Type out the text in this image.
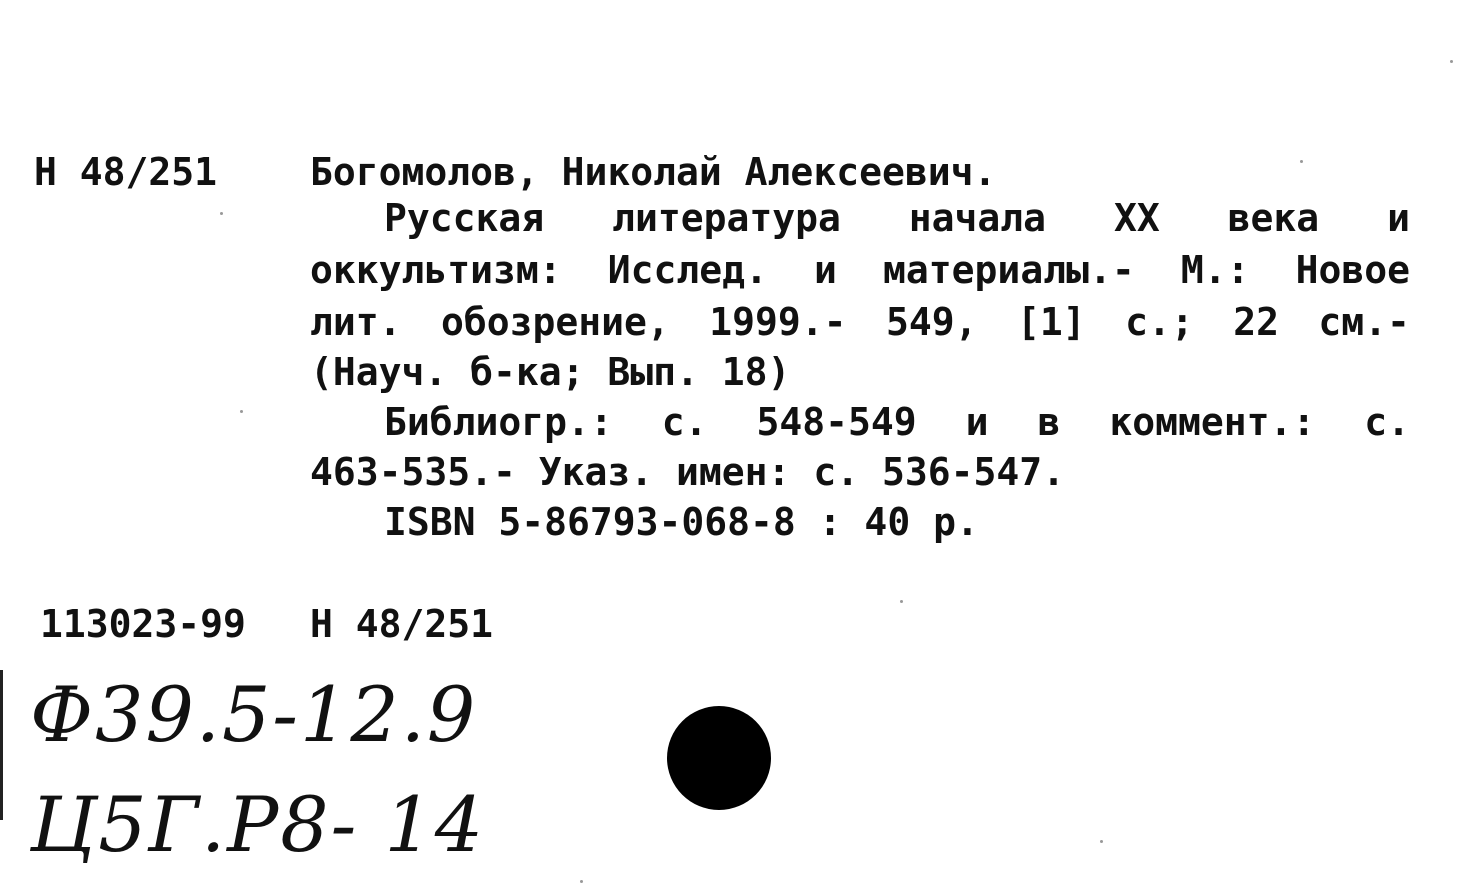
Н 48/251 Богомолов, Николай Алексеевич.
Русская литература начала XX века и
оккультизм: Исслед. и материалы.- М.: Новое
лит. обозрение, 1999.- 549, [1] с.; 22 см.-
(Науч. б-ка; Вып. 18)
Библиогр.: с. 548-549 и в коммент.: с.
463-535.- Указ. имен: с. 536-547.
ISBN 5-86793-068-8 : 40 р.
113023-99 Н 48/251
Ф39.5-12.9
Ц5Г.Р8- 14
